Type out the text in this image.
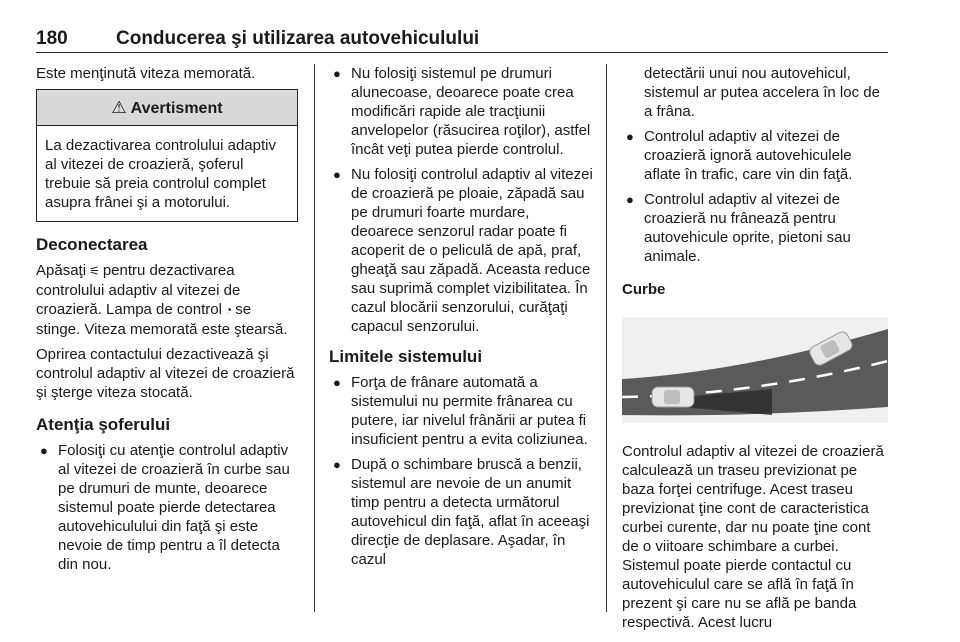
180	Conducerea şi utilizarea autovehiculului

Este menţinută viteza memorată.

⚠ Avertisment
La dezactivarea controlului adaptiv al vitezei de croazieră, şoferul trebuie să preia controlul complet asupra frânei şi a motorului.
Deconectarea

Apăsaţi ⚟ pentru dezactivarea controlului adaptiv al vitezei de croazieră. Lampa de control ◔ se stinge. Viteza memorată este ştearsă.

Oprirea contactului dezactivează şi controlul adaptiv al vitezei de croazieră şi şterge viteza stocată.

Atenţia şoferului
● Folosiţi cu atenţie controlul adaptiv al vitezei de croazieră în curbe sau pe drumuri de munte, deoarece sistemul poate pierde detectarea autovehiculului din faţă şi este nevoie de timp pentru a îl detecta din nou.
● Nu folosiţi sistemul pe drumuri alunecoase, deoarece poate crea modificări rapide ale tracţiunii anvelopelor (răsucirea roţilor), astfel încât veţi putea pierde controlul.
● Nu folosiţi controlul adaptiv al vitezei de croazieră pe ploaie, zăpadă sau pe drumuri foarte murdare, deoarece senzorul radar poate fi acoperit de o peliculă de apă, praf, gheaţă sau zăpadă. Aceasta reduce sau suprimă complet vizibilitatea. În cazul blocării senzorului, curăţaţi capacul senzorului.
Limitele sistemului
● Forţa de frânare automată a sistemului nu permite frânarea cu putere, iar nivelul frânării ar putea fi insuficient pentru a evita coliziunea.
● După o schimbare bruscă a benzii, sistemul are nevoie de un anumit timp pentru a detecta următorul autovehicul din faţă, aflat în aceeaşi direcţie de deplasare. Aşadar, în cazul

detectării unui nou autovehicul, sistemul ar putea accelera în loc de a frâna.

● Controlul adaptiv al vitezei de croazieră ignoră autovehiculele aflate în trafic, care vin din faţă.
● Controlul adaptiv al vitezei de croazieră nu frânează pentru autovehicule oprite, pietoni sau animale.
Curbe

Controlul adaptiv al vitezei de croazieră calculează un traseu previzionat pe baza forţei centrifuge. Acest traseu previzionat ţine cont de caracteristica curbei curente, dar nu poate ţine cont de o viitoare schimbare a curbei. Sistemul poate pierde contactul cu autovehiculul care se află în faţă în prezent şi care nu se află pe banda respectivă. Acest lucru
